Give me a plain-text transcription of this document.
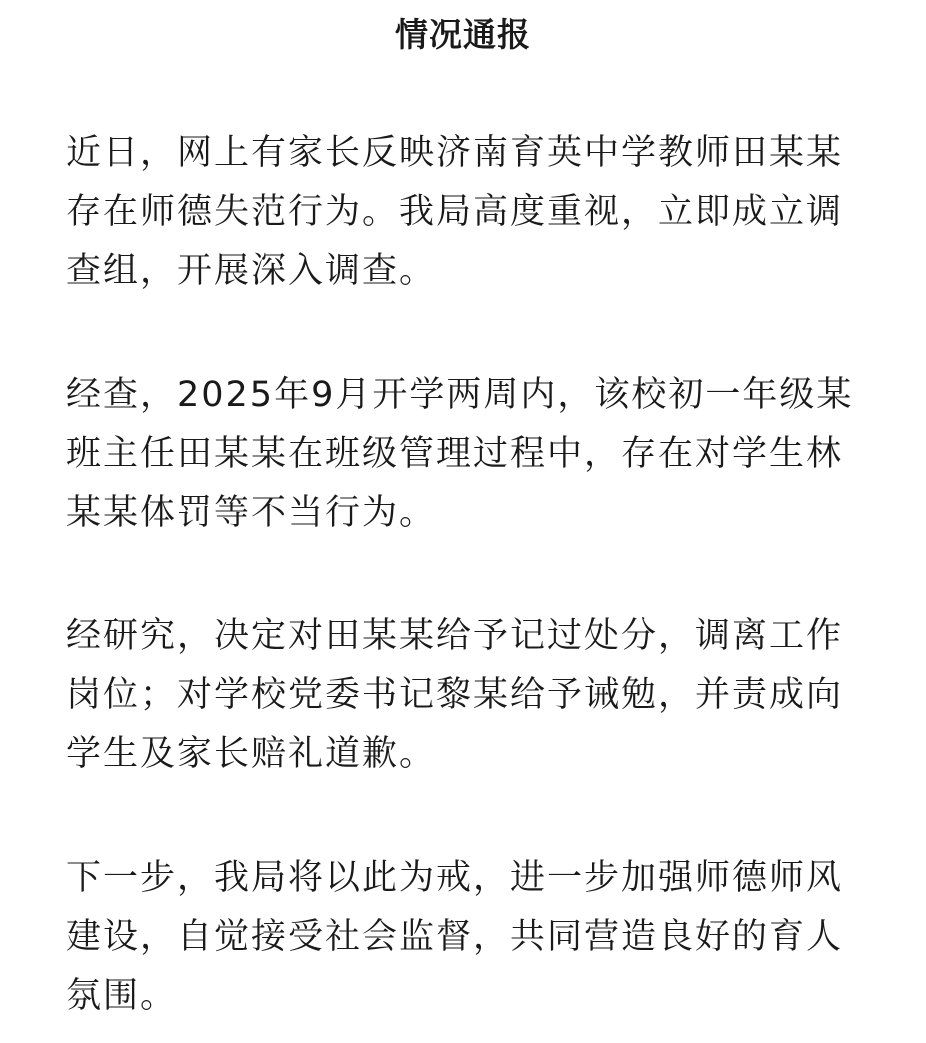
情况通报
近日，网上有家长反映济南育英中学教师田某某存在师德失范行为。我局高度重视，立即成立调查组，开展深入调查。
经查，2025年9月开学两周内，该校初一年级某班主任田某某在班级管理过程中，存在对学生林某某体罚等不当行为。
经研究，决定对田某某给予记过处分，调离工作岗位；对学校党委书记黎某给予诫勉，并责成向学生及家长赔礼道歉。
下一步，我局将以此为戒，进一步加强师德师风建设，自觉接受社会监督，共同营造良好的育人氛围。
